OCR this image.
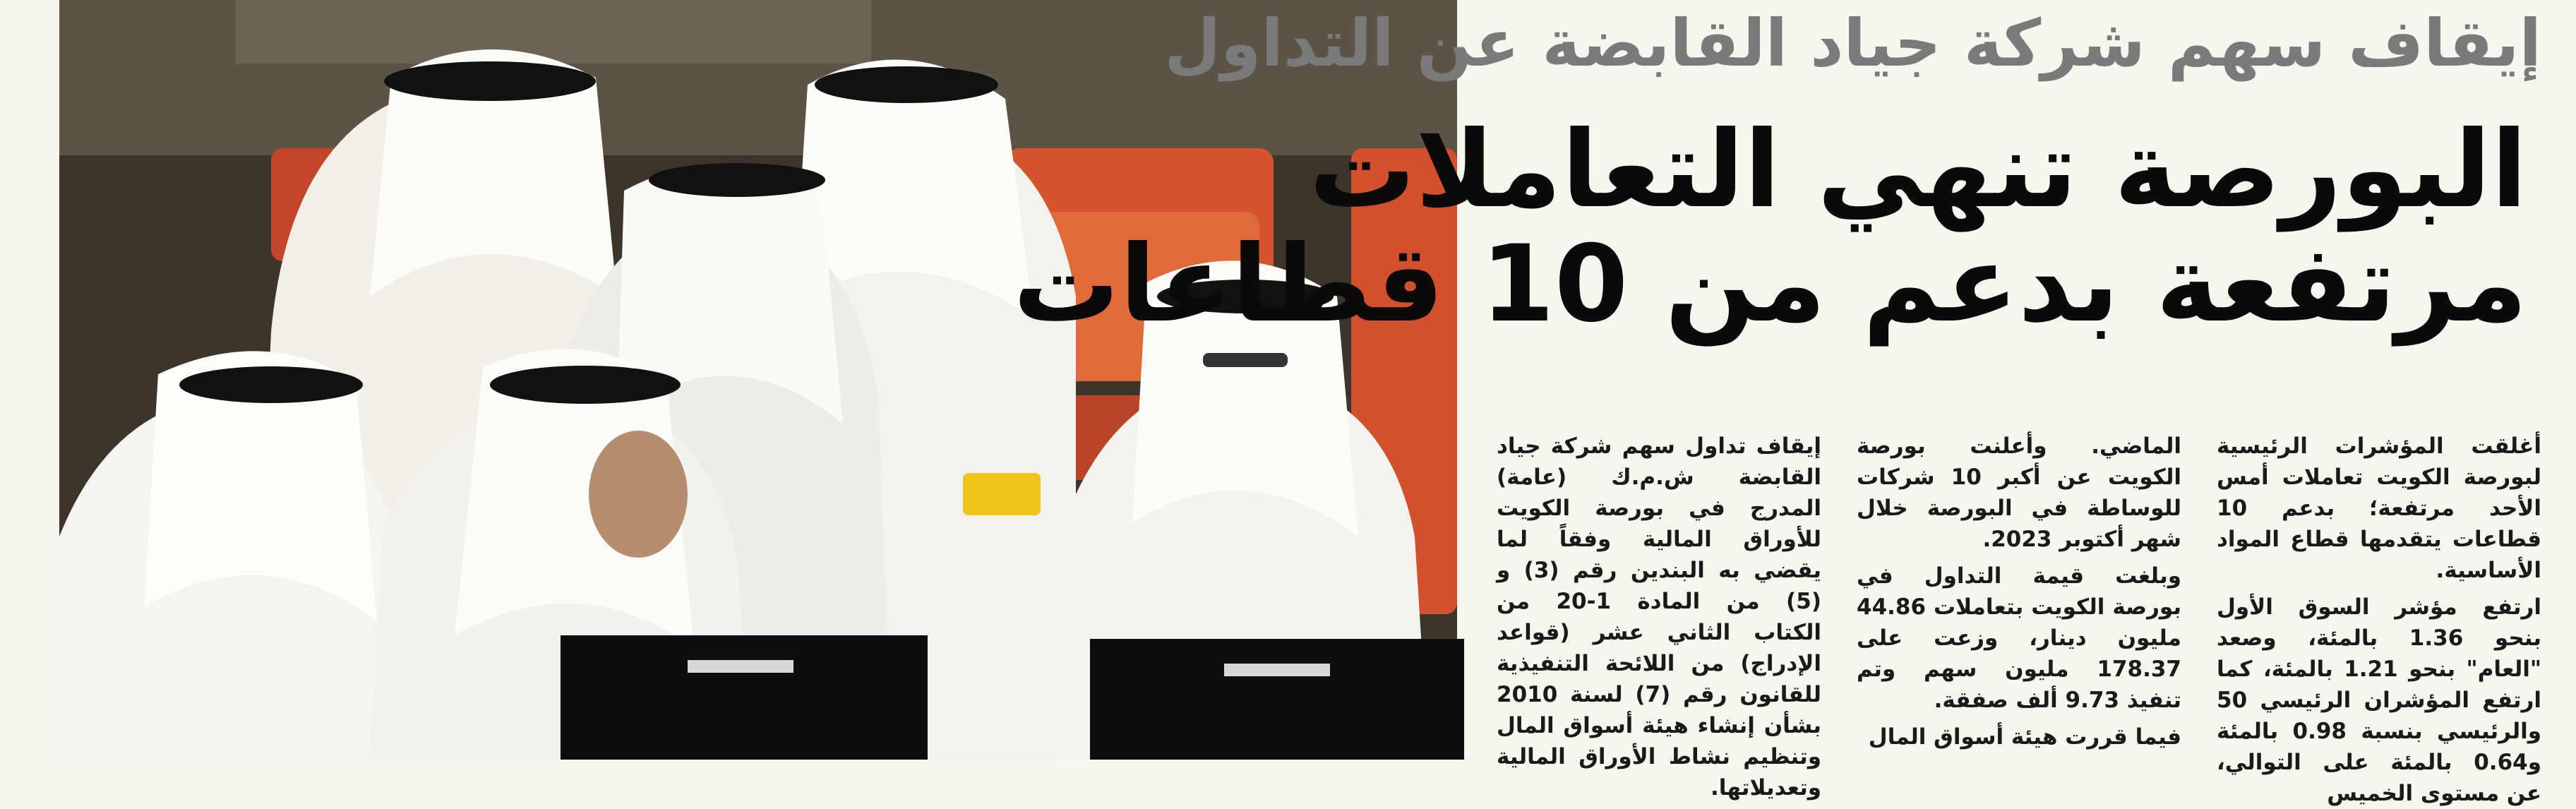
إيقاف سهم شركة جياد القابضة عن التداول
البورصة تنهي التعاملات
مرتفعة بدعم من 10 قطاعات

أغلقت المؤشرات الرئيسية لبورصة الكويت تعاملات أمس الأحد مرتفعة؛ بدعم 10 قطاعات يتقدمها قطاع المواد الأساسية.

ارتفع مؤشر السوق الأول بنحو 1.36 بالمئة، وصعد "العام" بنحو 1.21 بالمئة، كما ارتفع المؤشران الرئيسي 50 والرئيسي بنسبة 0.98 بالمئة و0.64 بالمئة على التوالي، عن مستوى الخميس

الماضي. وأعلنت بورصة الكويت عن أكبر 10 شركات للوساطة في البورصة خلال شهر أكتوبر 2023.

وبلغت قيمة التداول في بورصة الكويت بتعاملات 44.86 مليون دينار، وزعت على 178.37 مليون سهم وتم تنفيذ 9.73 ألف صفقة.

فيما قررت هيئة أسواق المال

إيقاف تداول سهم شركة جياد القابضة ش.م.ك (عامة) المدرج في بورصة الكويت للأوراق المالية وفقاً لما يقضي به البندين رقم (3) و (5) من المادة 1-20 من الكتاب الثاني عشر (قواعد الإدراج) من اللائحة التنفيذية للقانون رقم (7) لسنة 2010 بشأن إنشاء هيئة أسواق المال وتنظيم نشاط الأوراق المالية وتعديلاتها.
